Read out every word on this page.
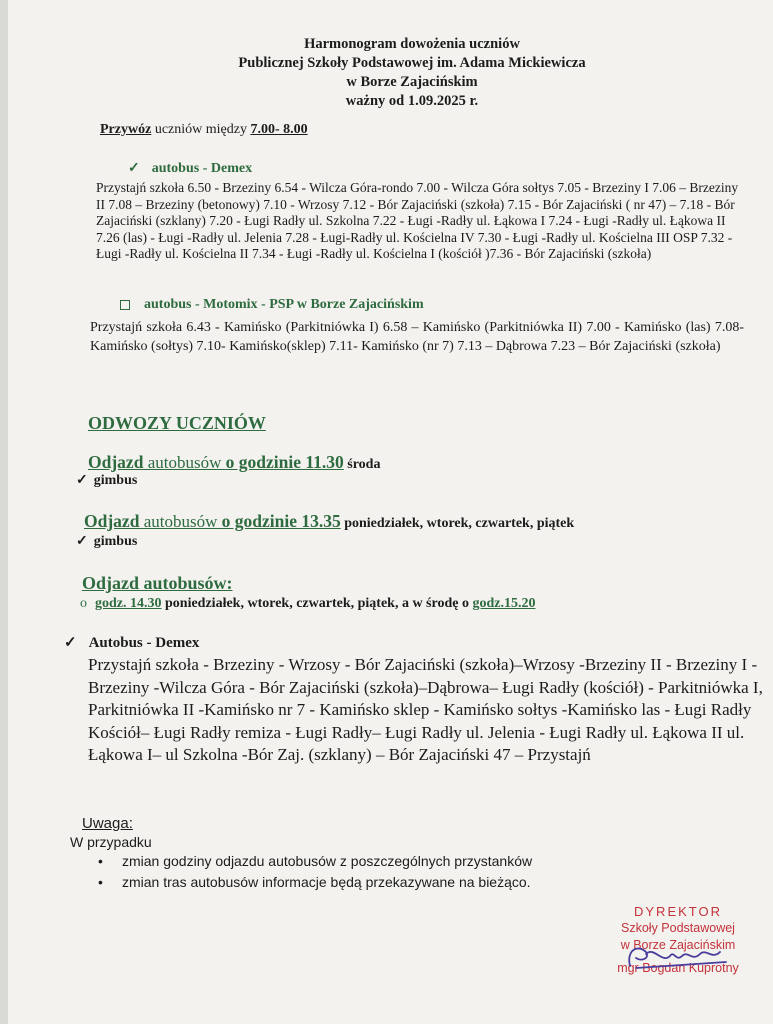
Harmonogram dowożenia uczniów
Publicznej Szkoły Podstawowej im. Adama Mickiewicza
w Borze Zajacińskim
ważny od 1.09.2025 r.
Przywóz uczniów między 7.00- 8.00
✓ autobus - Demex
Przystajń szkoła 6.50 - Brzeziny 6.54 - Wilcza Góra-rondo 7.00 - Wilcza Góra sołtys 7.05 - Brzeziny I 7.06 – Brzeziny II 7.08 – Brzeziny (betonowy) 7.10 - Wrzosy 7.12 - Bór Zajaciński (szkoła) 7.15 - Bór Zajaciński ( nr 47) – 7.18 - Bór Zajaciński (szklany) 7.20 - Ługi Radły ul. Szkolna 7.22 - Ługi -Radły ul. Łąkowa I 7.24 - Ługi -Radły ul. Łąkowa II 7.26 (las) - Ługi -Radły ul. Jelenia 7.28 - Ługi-Radły ul. Kościelna IV 7.30 - Ługi -Radły ul. Kościelna III OSP 7.32 - Ługi -Radły ul. Kościelna II 7.34 - Ługi -Radły ul. Kościelna I (kościół )7.36 - Bór Zajaciński (szkoła)
autobus - Motomix - PSP w Borze Zajacińskim
Przystajń szkoła 6.43 - Kamińsko (Parkitniówka I) 6.58 – Kamińsko (Parkitniówka II) 7.00 - Kamińsko (las) 7.08- Kamińsko (sołtys) 7.10- Kamińsko(sklep) 7.11- Kamińsko (nr 7) 7.13 – Dąbrowa 7.23 – Bór Zajaciński (szkoła)
ODWOZY UCZNIÓW
Odjazd autobusów o godzinie 11.30 środa
✓ gimbus
Odjazd autobusów o godzinie 13.35 poniedziałek, wtorek, czwartek, piątek
✓ gimbus
Odjazd autobusów:
o godz. 14.30 poniedziałek, wtorek, czwartek, piątek, a w środę o godz.15.20
✓ Autobus - Demex
Przystajń szkoła - Brzeziny - Wrzosy - Bór Zajaciński (szkoła)–Wrzosy -Brzeziny II - Brzeziny I - Brzeziny -Wilcza Góra - Bór Zajaciński (szkoła)–Dąbrowa– Ługi Radły (kościół) - Parkitniówka I, Parkitniówka II -Kamińsko nr 7 - Kamińsko sklep - Kamińsko sołtys -Kamińsko las - Ługi Radły Kościół– Ługi Radły remiza - Ługi Radły– Ługi Radły ul. Jelenia - Ługi Radły ul. Łąkowa II ul. Łąkowa I– ul Szkolna -Bór Zaj. (szklany) – Bór Zajaciński 47 – Przystajń
Uwaga:
W przypadku
• zmian godziny odjazdu autobusów z poszczególnych przystanków
• zmian tras autobusów informacje będą przekazywane na bieżąco.
DYREKTOR
Szkoły Podstawowej
w Borze Zajacińskim
mgr Bogdan Kuprotny
